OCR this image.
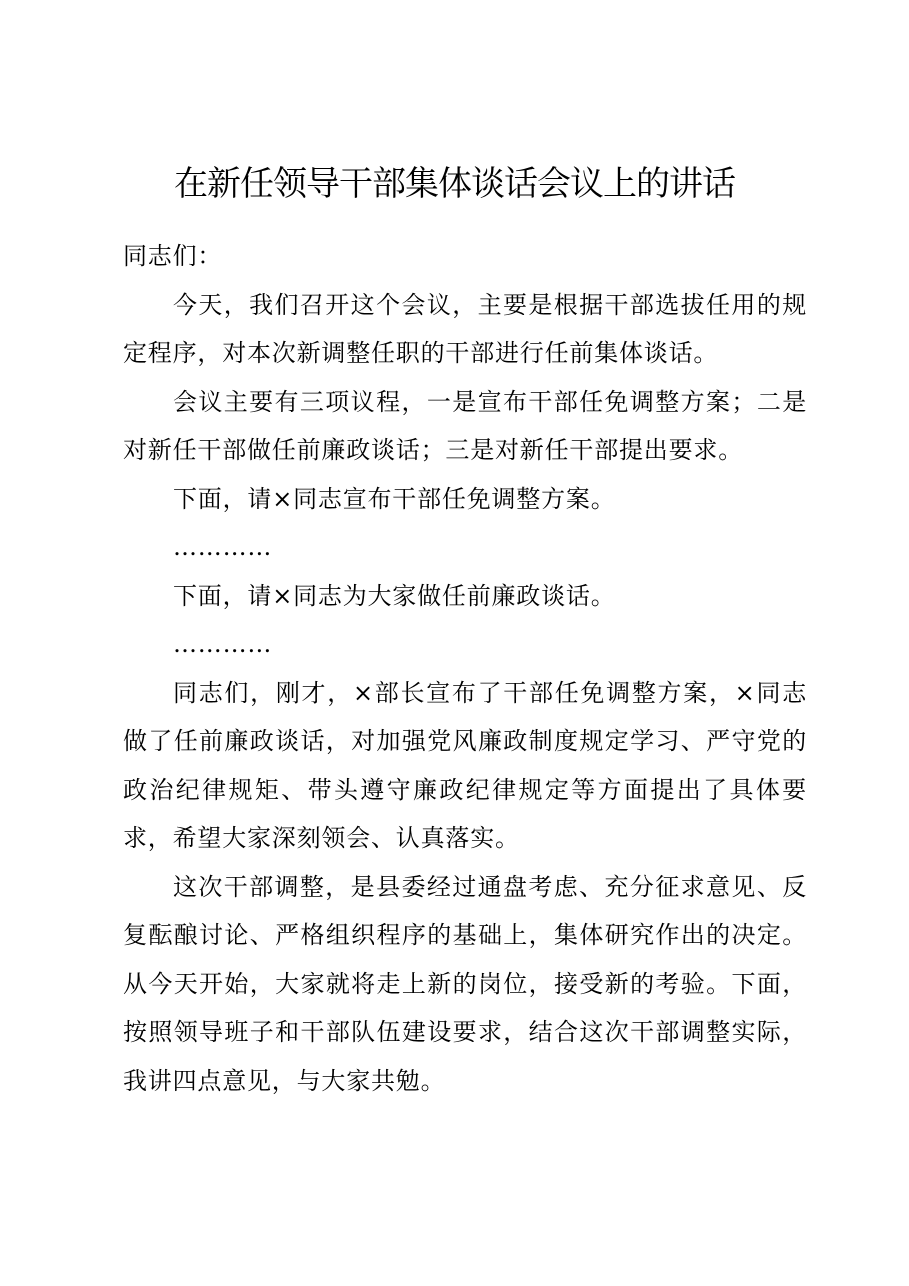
在新任领导干部集体谈话会议上的讲话

同志们：

今天，我们召开这个会议，主要是根据干部选拔任用的规定程序，对本次新调整任职的干部进行任前集体谈话。

会议主要有三项议程，一是宣布干部任免调整方案；二是对新任干部做任前廉政谈话；三是对新任干部提出要求。

下面，请×同志宣布干部任免调整方案。

…………

下面，请×同志为大家做任前廉政谈话。

…………

同志们，刚才，×部长宣布了干部任免调整方案，×同志做了任前廉政谈话，对加强党风廉政制度规定学习、严守党的政治纪律规矩、带头遵守廉政纪律规定等方面提出了具体要求，希望大家深刻领会、认真落实。

这次干部调整，是县委经过通盘考虑、充分征求意见、反复酝酿讨论、严格组织程序的基础上，集体研究作出的决定。从今天开始，大家就将走上新的岗位，接受新的考验。下面，按照领导班子和干部队伍建设要求，结合这次干部调整实际，我讲四点意见，与大家共勉。
